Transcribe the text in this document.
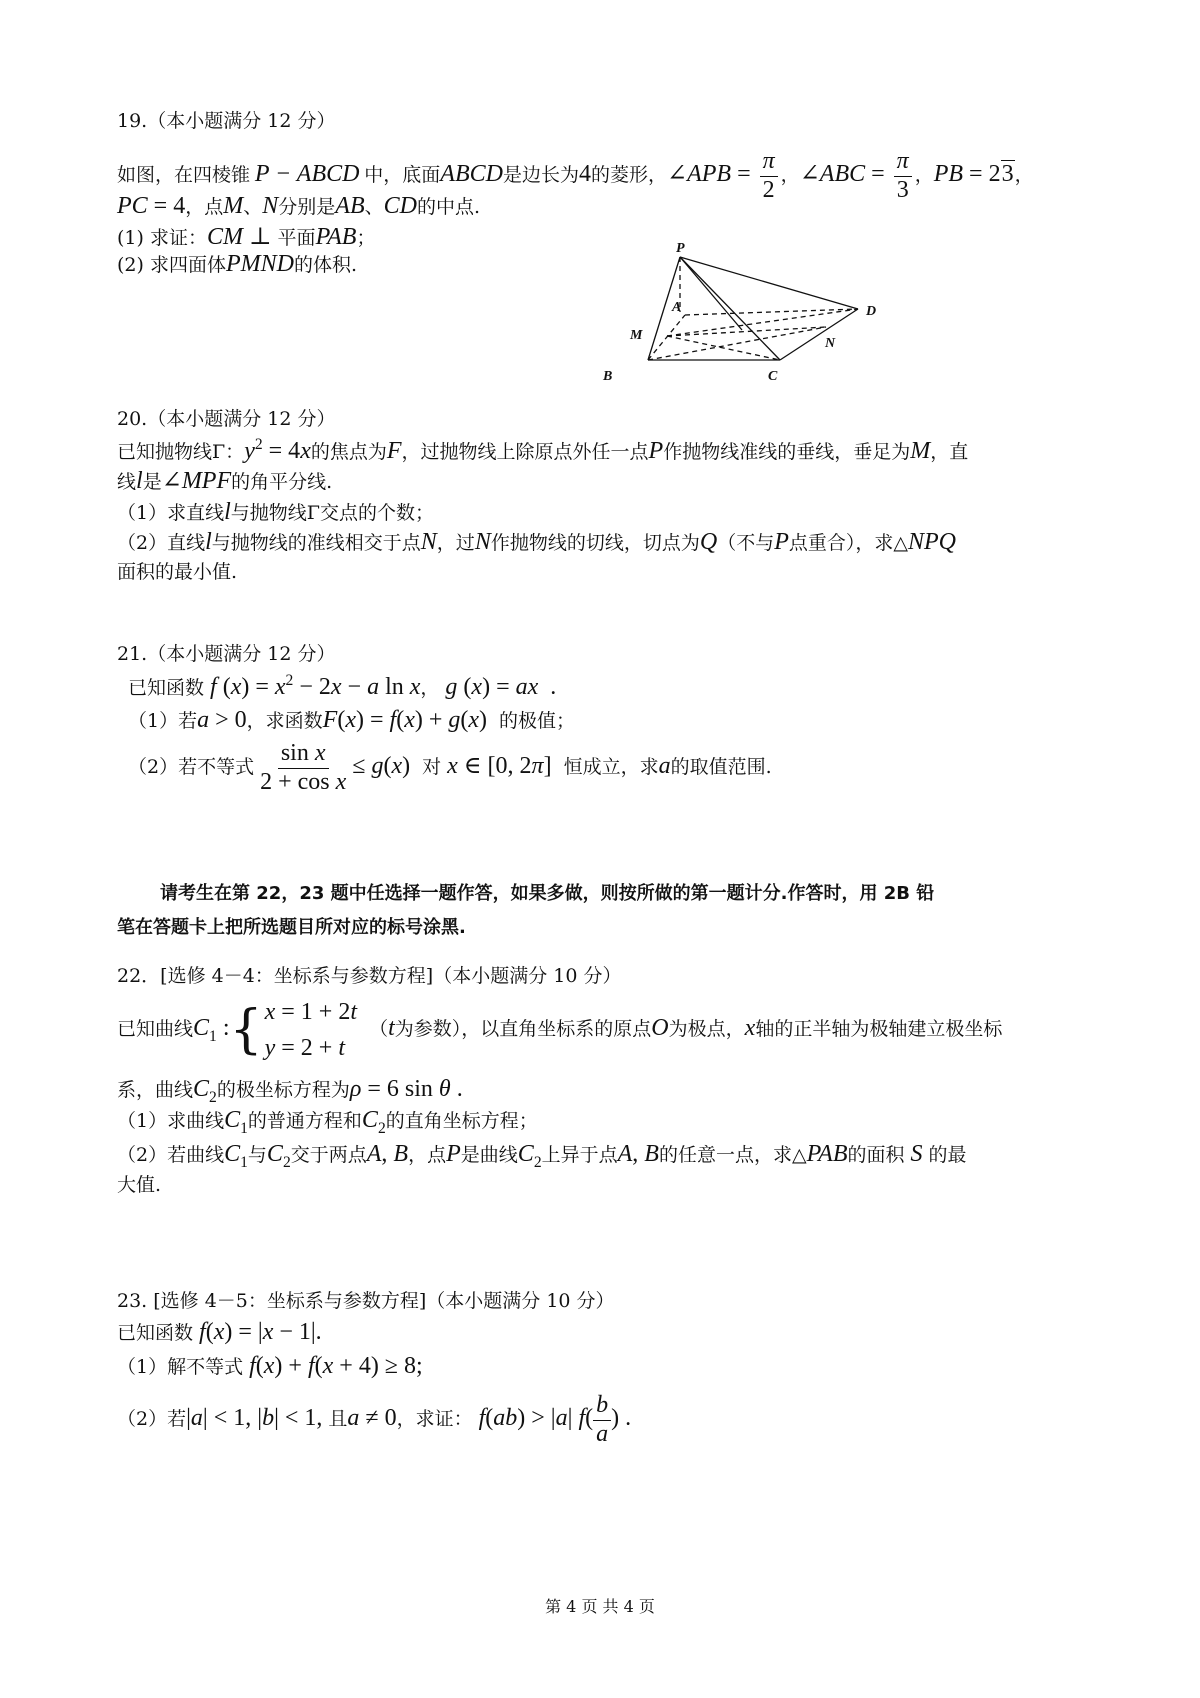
19.（本小题满分 12 分）
如图，在四棱锥 P − ABCD 中，底面ABCD是边长为4的菱形，∠APB = $\frac{\pi}{2}$ ，∠ABC = $\frac{\pi}{3}$ ，PB = 23，
PC = 4，点M、N分别是AB、CD的中点.
(1) 求证：CM ⊥ 平面PAB；
(2) 求四面体PMND的体积.
P
A	D
M
N
B	C
20.（本小题满分 12 分）
已知抛物线Γ：$y^2 = 4x$的焦点为F，过抛物线上除原点外任一点P作抛物线准线的垂线，垂足为M，直
线l是∠MPF的角平分线.
（1）求直线l与抛物线Γ交点的个数；
（2）直线l与抛物线的准线相交于点N，过N作抛物线的切线，切点为Q（不与P点重合），求△NPQ
面积的最小值.
21.（本小题满分 12 分）
已知函数 f $(x) = x^2 - 2x - a$ ln x， g (x) = ax  .
（1）若a > 0，求函数F(x) = f(x) + g(x)  的极值；
（2）若不等式 $\frac{\text{sin x}}{\text{2 + cos x}} \le g(x)$  对 x ∈ [0, 2π]  恒成立，求a的取值范围.
请考生在第 22，23 题中任选择一题作答，如果多做，则按所做的第一题计分.作答时，用 2B 铅
笔在答题卡上把所选题目所对应的标号涂黑.
22．[选修 4－4：坐标系与参数方程]（本小题满分 10 分）
已知曲线$C_1$ :{ x = 1 + 2t
y = 2 + t
（t为参数），以直角坐标系的原点O为极点，x轴的正半轴为极轴建立极坐标
系，曲线$C_2$的极坐标方程为ρ = 6 sin θ .
（1）求曲线$C_1$的普通方程和$C_2$的直角坐标方程；
（2）若曲线$C_1$与$C_2$交于两点A, B，点P是曲线$C_2$上异于点A, B的任意一点，求△PAB的面积 S 的最
大值.
23. [选修 4－5：坐标系与参数方程]（本小题满分 10 分）
已知函数 f(x) = |x − 1|.
（1）解不等式 f(x) + f(x + 4) ≥ 8;
（2）若|a| < 1, |b| < 1, 且a ≠ 0，求证： f(ab) > |a| $f( \frac{b}{a}$ ) .
第 4 页 共 4 页
